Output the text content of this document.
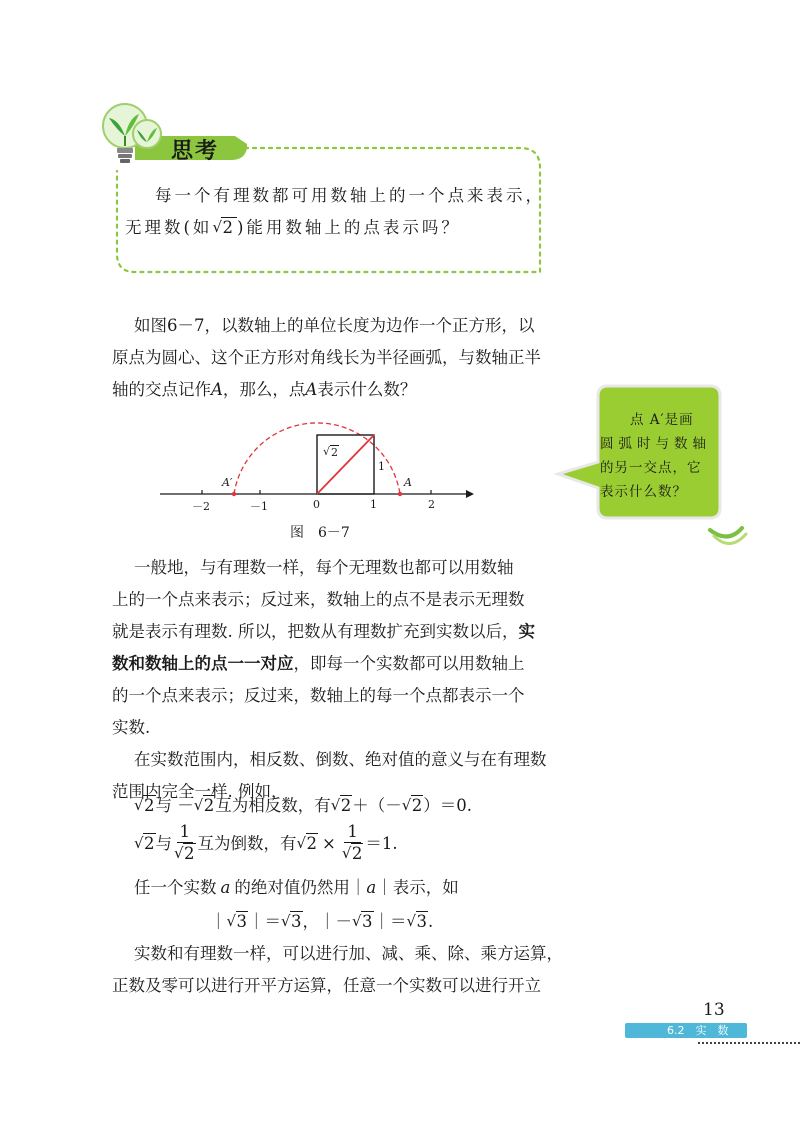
思考
每一个有理数都可用数轴上的一个点来表示，
无理数(如 √
2)能用数轴上的点表示吗？
如图6－7，以数轴上的单位长度为边作一个正方形，以
原点为圆心、这个正方形对角线长为半径画弧，与数轴正半
轴的交点记作A，那么，点A表示什么数？
点 A′是画
圆弧时与数轴
的另一交点，它
表示什么数？
－2	－1	0	1	2
A′	A
1
√ 2
图　6－7
一般地，与有理数一样，每个无理数也都可以用数轴
上的一个点来表示；反过来，数轴上的点不是表示无理数
就是表示有理数. 所以，把数从有理数扩充到实数以后，实
数和数轴上的点一一对应，即每一个实数都可以用数轴上
的一个点来表示；反过来，数轴上的每一个点都表示一个
实数.
在实数范围内，相反数、倒数、绝对值的意义与在有理数
范围内完全一样. 例如，
√ 2与 － √ 2互为相反数，有 √ 2＋（－ √ 2）＝0.
√ 2 与 $\frac{1}{√ 2}$ 互为倒数，有 √ $2 \times \frac{1}{√ 2} =1$.
任一个实数 a 的绝对值仍然用｜a｜表示，如
｜ √ 3｜＝ √ 3，｜－ √ 3｜＝ √ 3.
实数和有理数一样，可以进行加、减、乘、除、乘方运算，
正数及零可以进行开平方运算，任意一个实数可以进行开立
13
6.2　实　数
